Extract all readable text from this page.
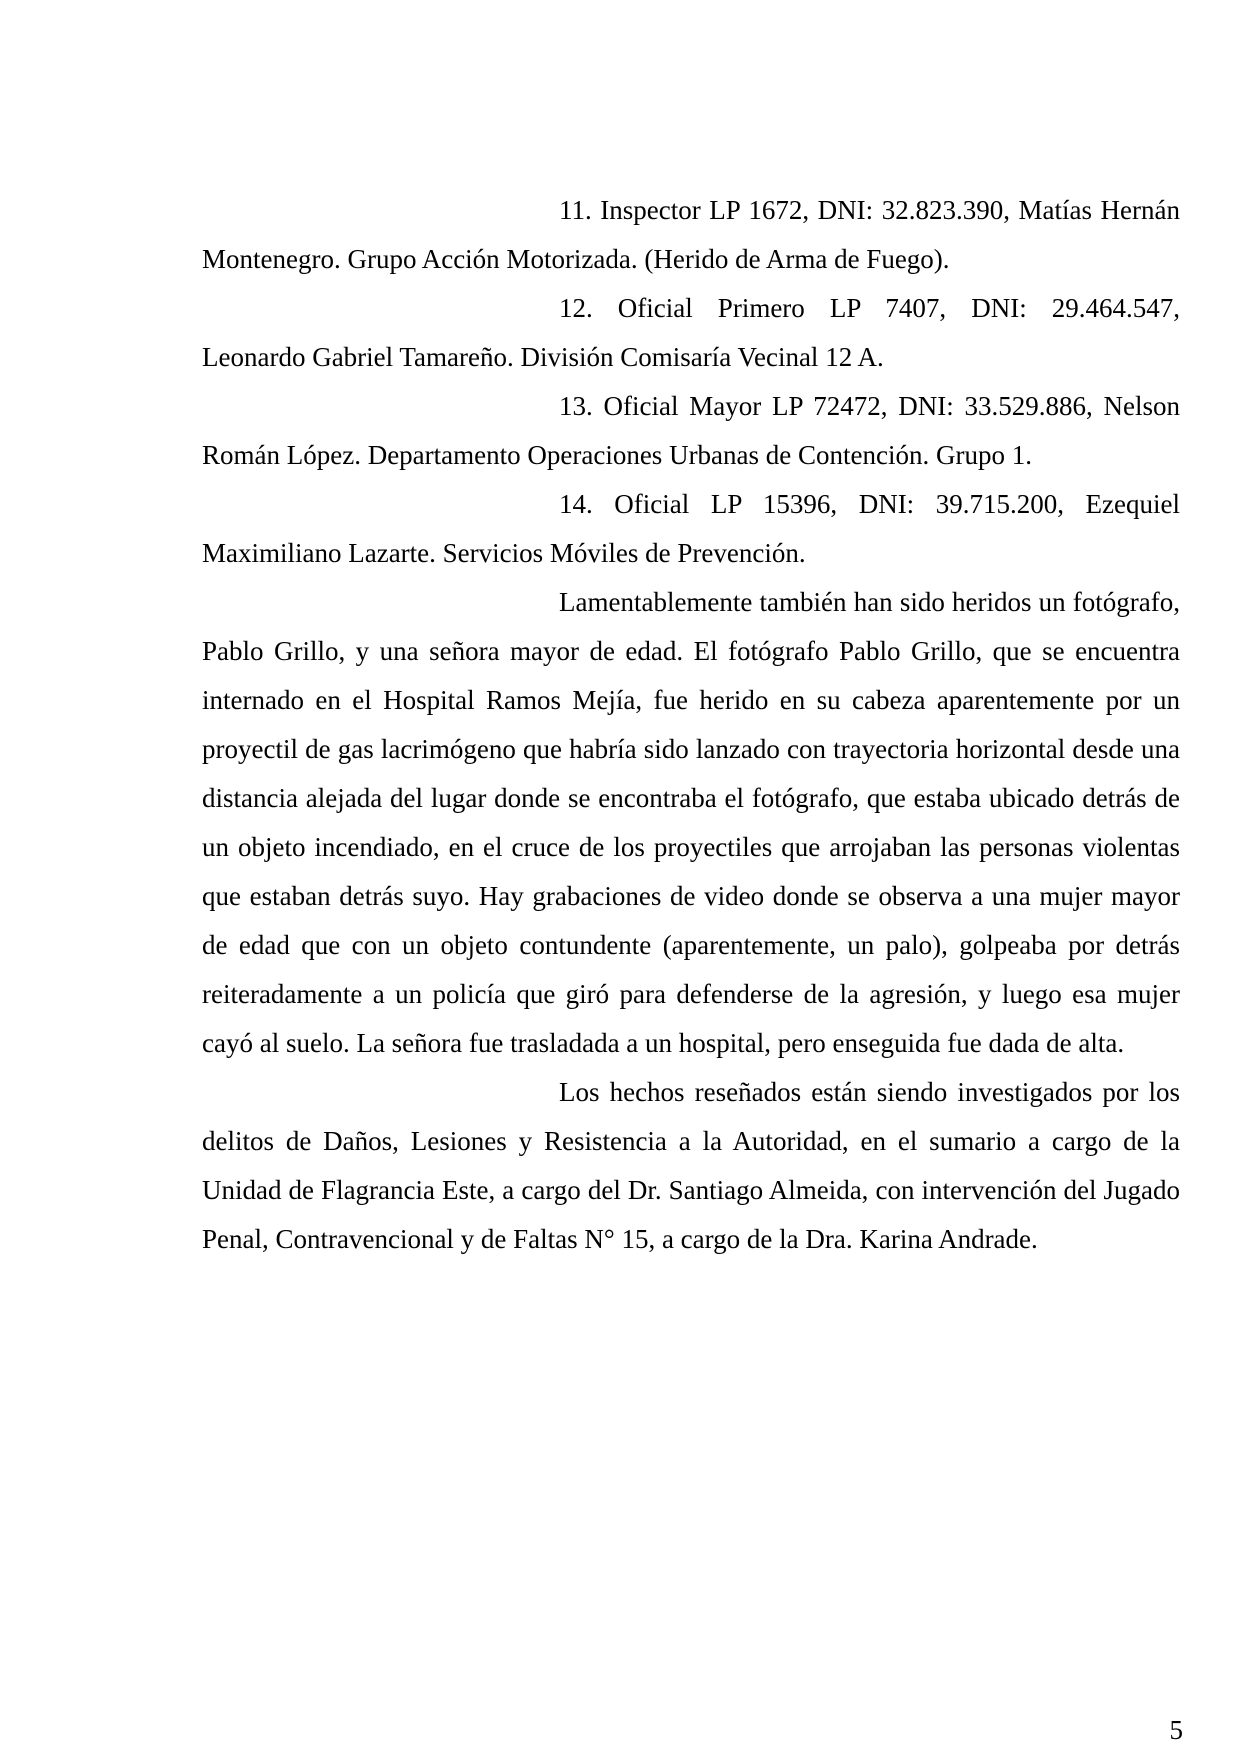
11. Inspector LP 1672, DNI: 32.823.390, Matías Hernán Montenegro. Grupo Acción Motorizada. (Herido de Arma de Fuego).

12. Oficial Primero LP 7407, DNI: 29.464.547, Leonardo Gabriel Tamareño. División Comisaría Vecinal 12 A.

13. Oficial Mayor LP 72472, DNI: 33.529.886, Nelson Román López. Departamento Operaciones Urbanas de Contención. Grupo 1.

14. Oficial LP 15396, DNI: 39.715.200, Ezequiel Maximiliano Lazarte. Servicios Móviles de Prevención.

Lamentablemente también han sido heridos un fotógrafo, Pablo Grillo, y una señora mayor de edad. El fotógrafo Pablo Grillo, que se encuentra internado en el Hospital Ramos Mejía, fue herido en su cabeza aparentemente por un proyectil de gas lacrimógeno que habría sido lanzado con trayectoria horizontal desde una distancia alejada del lugar donde se encontraba el fotógrafo, que estaba ubicado detrás de un objeto incendiado, en el cruce de los proyectiles que arrojaban las personas violentas que estaban detrás suyo. Hay grabaciones de video donde se observa a una mujer mayor de edad que con un objeto contundente (aparentemente, un palo), golpeaba por detrás reiteradamente a un policía que giró para defenderse de la agresión, y luego esa mujer cayó al suelo. La señora fue trasladada a un hospital, pero enseguida fue dada de alta.

Los hechos reseñados están siendo investigados por los delitos de Daños, Lesiones y Resistencia a la Autoridad, en el sumario a cargo de la Unidad de Flagrancia Este, a cargo del Dr. Santiago Almeida, con intervención del Jugado Penal, Contravencional y de Faltas N° 15, a cargo de la Dra. Karina Andrade.

5
